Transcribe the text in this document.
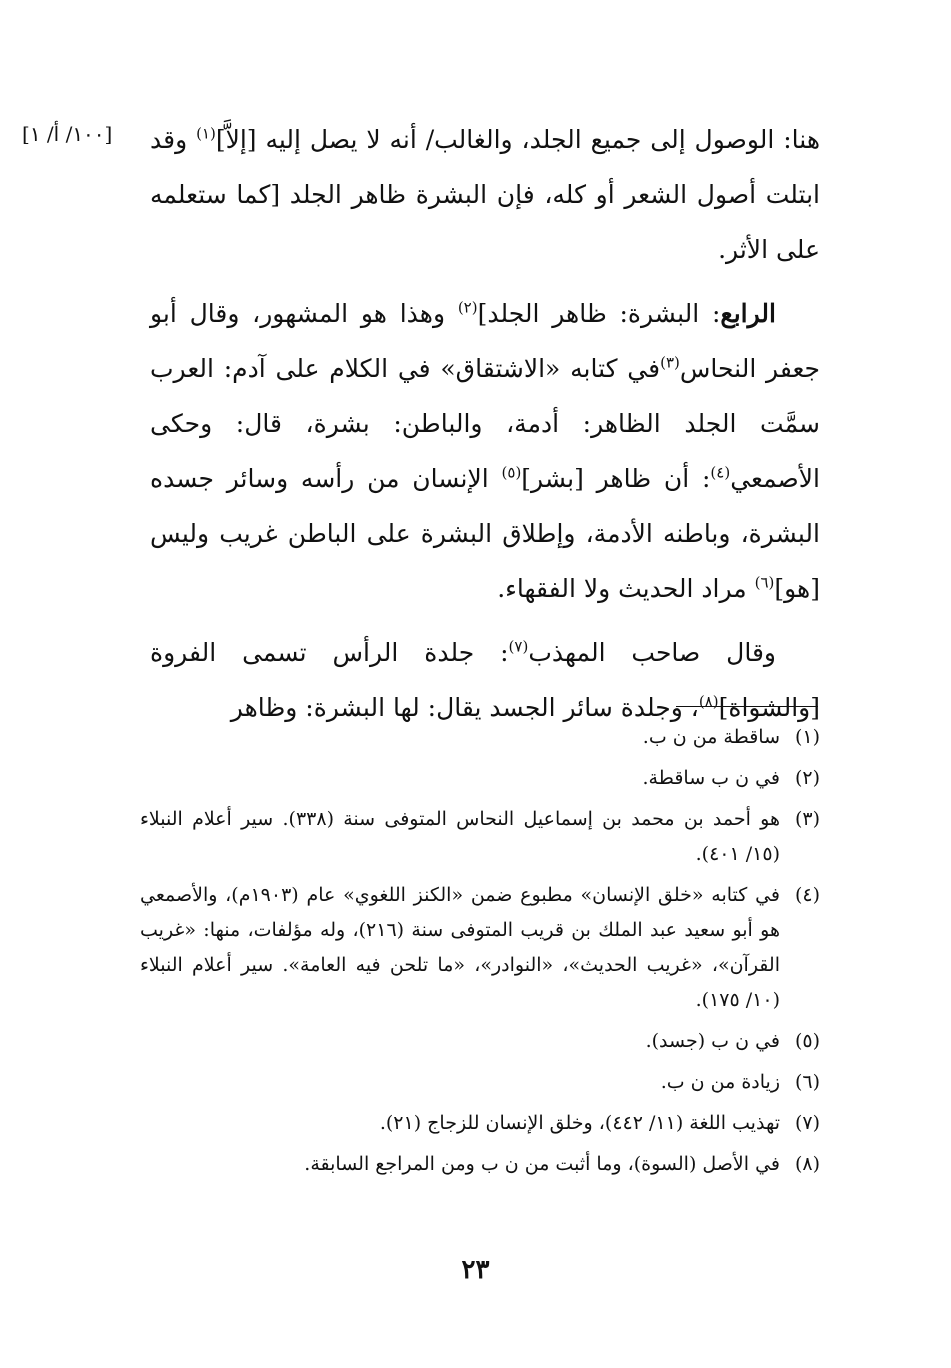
[١٠٠/ أ/ ١]	هنا: الوصول إلى جميع الجلد، والغالب/ أنه لا يصل إليه [إلاَّ]$^{(١)}$ وقد ابتلت أصول الشعر أو كله، فإن البشرة ظاهر الجلد [كما ستعلمه على الأثر.

الرابع: البشرة: ظاهر الجلد]$^{(٢)}$ وهذا هو المشهور، وقال أبو جعفر النحاس$^{(٣)}$في كتابه «الاشتقاق» في الكلام على آدم: العرب سمَّت الجلد الظاهر: أدمة، والباطن: بشرة، قال: وحكى الأصمعي$^{(٤)}$: أن ظاهر [بشر]$^{(٥)}$ الإنسان من رأسه وسائر جسده البشرة، وباطنه الأدمة، وإطلاق البشرة على الباطن غريب وليس [هو]$^{(٦)}$ مراد الحديث ولا الفقهاء.

وقال صاحب المهذب$^{(٧)}$: جلدة الرأس تسمى الفروة [والشواة]$^{(٨)}$، وجلدة سائر الجسد يقال: لها البشرة: وظاهر

(١)
ساقطة من ن ب.
(٢)
في ن ب ساقطة.
(٣)
هو أحمد بن محمد بن إسماعيل النحاس المتوفى سنة (٣٣٨). سير أعلام النبلاء (١٥/ ٤٠١).
(٤)
في كتابه «خلق الإنسان» مطبوع ضمن «الكنز اللغوي» عام (١٩٠٣م)، والأصمعي هو أبو سعيد عبد الملك بن قريب المتوفى سنة (٢١٦)، وله مؤلفات، منها: «غريب القرآن»، «غريب الحديث»، «النوادر»، «ما تلحن فيه العامة». سير أعلام النبلاء (١٠/ ١٧٥).
(٥)
في ن ب (جسد).
(٦)
زيادة من ن ب.
(٧)
تهذيب اللغة (١١/ ٤٤٢)، وخلق الإنسان للزجاج (٢١).
(٨)
في الأصل (السوة)، وما أثبت من ن ب ومن المراجع السابقة.
٢٣
